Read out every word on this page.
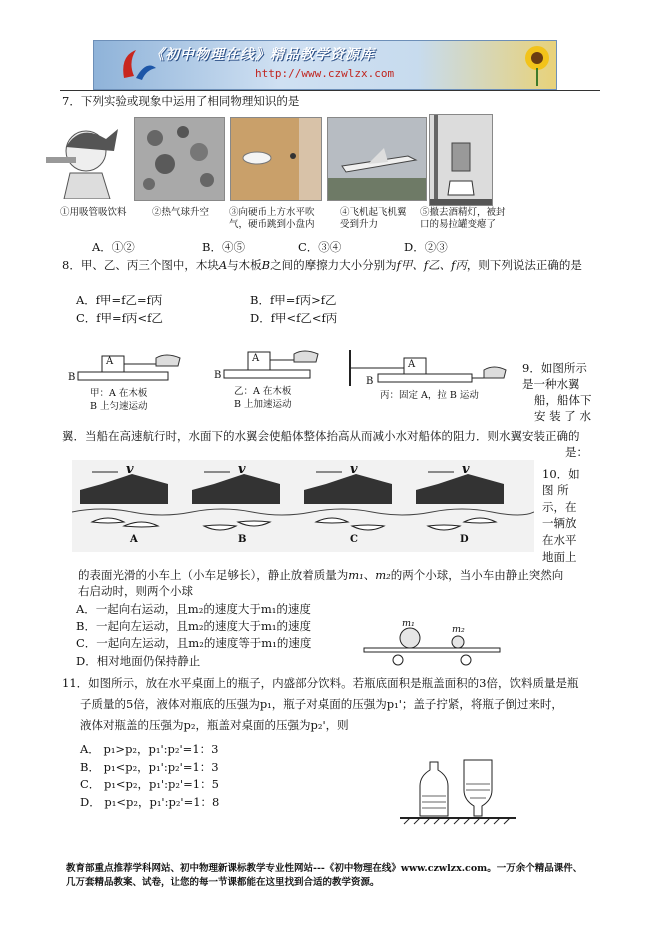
《初中物理在线》精品教学资源库
http://www.czwlzx.com
7．下列实验或现象中运用了相同物理知识的是
①用吸管吸饮料	②热气球升空	③向硬币上方水平吹气，硬币跳到小盘内
④飞机起飞机翼受到升力
⑤撤去酒精灯，被封口的易拉罐变瘪了
A．①②	B．④⑤	C．③④	D．②③
8．甲、乙、丙三个图中，木块A与木板B之间的摩擦力大小分别为f甲、f乙、f丙，则下列说法正确的是
A．f甲=f乙=f丙	B．f甲=f丙>f乙
C．f甲=f丙<f乙	D．f甲<f乙<f丙
A
B
甲：A 在木板
B 上匀速运动
A
B
乙：A 在木板
B 上加速运动
A
B
丙：固定 A，拉 B 运动
9．如图所示
是一种水翼
船，船体下
安 装 了 水
翼．当船在高速航行时，水面下的水翼会使船体整体抬高从而减小水对船体的阻力．则水翼安装正确的
是：
v	v	v	v
A	B	C	D
10．如
图 所
示，在
一辆放
在水平
地面上
的表面光滑的小车上（小车足够长），静止放着质量为m₁、m₂的两个小球，当小车由静止突然向
右启动时，则两个小球
A．一起向右运动，且m₂的速度大于m₁的速度
B．一起向左运动，且m₂的速度大于m₁的速度
C．一起向左运动，且m₂的速度等于m₁的速度
D．相对地面仍保持静止
m₁
m₂
11．如图所示，放在水平桌面上的瓶子，内盛部分饮料。若瓶底面积是瓶盖面积的3倍，饮料质量是瓶
子质量的5倍，液体对瓶底的压强为p₁，瓶子对桌面的压强为p₁'；盖子拧紧，将瓶子倒过来时，
液体对瓶盖的压强为p₂，瓶盖对桌面的压强为p₂'，则
A． p₁>p₂，p₁':p₂'=1：3
B． p₁<p₂，p₁':p₂'=1：3
C． p₁<p₂，p₁':p₂'=1：5
D． p₁<p₂，p₁':p₂'=1：8
教育部重点推荐学科网站、初中物理新课标教学专业性网站---《初中物理在线》www.czwlzx.com。一万余个精品课件、
几万套精品教案、试卷，让您的每一节课都能在这里找到合适的教学资源。
